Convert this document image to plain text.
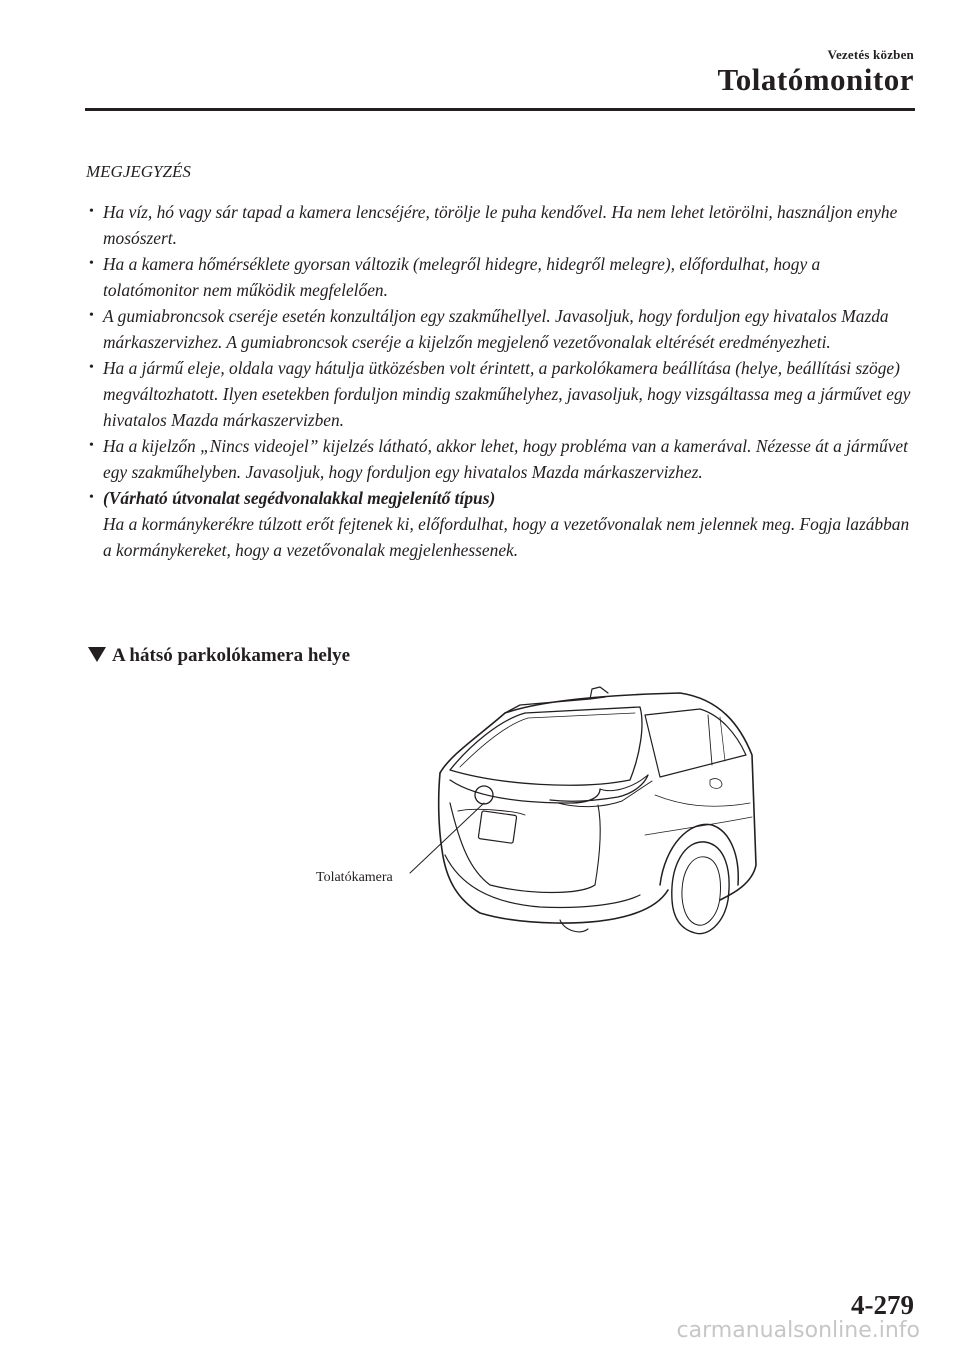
Vezetés közben
Tolatómonitor
MEGJEGYZÉS
• Ha víz, hó vagy sár tapad a kamera lencséjére, törölje le puha kendővel. Ha nem lehet letörölni, használjon enyhe mosószert.
• Ha a kamera hőmérséklete gyorsan változik (melegről hidegre, hidegről melegre), előfordulhat, hogy a tolatómonitor nem működik megfelelően.
• A gumiabroncsok cseréje esetén konzultáljon egy szakműhellyel. Javasoljuk, hogy forduljon egy hivatalos Mazda márkaszervizhez. A gumiabroncsok cseréje a kijelzőn megjelenő vezetővonalak eltérését eredményezheti.
• Ha a jármű eleje, oldala vagy hátulja ütközésben volt érintett, a parkolókamera beállítása (helye, beállítási szöge) megváltozhatott. Ilyen esetekben forduljon mindig szakműhelyhez, javasoljuk, hogy vizsgáltassa meg a járművet egy hivatalos Mazda márkaszervizben.
• Ha a kijelzőn „Nincs videojel” kijelzés látható, akkor lehet, hogy probléma van a kamerával. Nézesse át a járművet egy szakműhelyben. Javasoljuk, hogy forduljon egy hivatalos Mazda márkaszervizhez.
• (Várható útvonalat segédvonalakkal megjelenítő típus)
Ha a kormánykerékre túlzott erőt fejtenek ki, előfordulhat, hogy a vezetővonalak nem jelennek meg. Fogja lazábban a kormánykereket, hogy a vezetővonalak megjelenhessenek.
A hátsó parkolókamera helye
Tolatókamera
4-279
carmanualsonline.info
